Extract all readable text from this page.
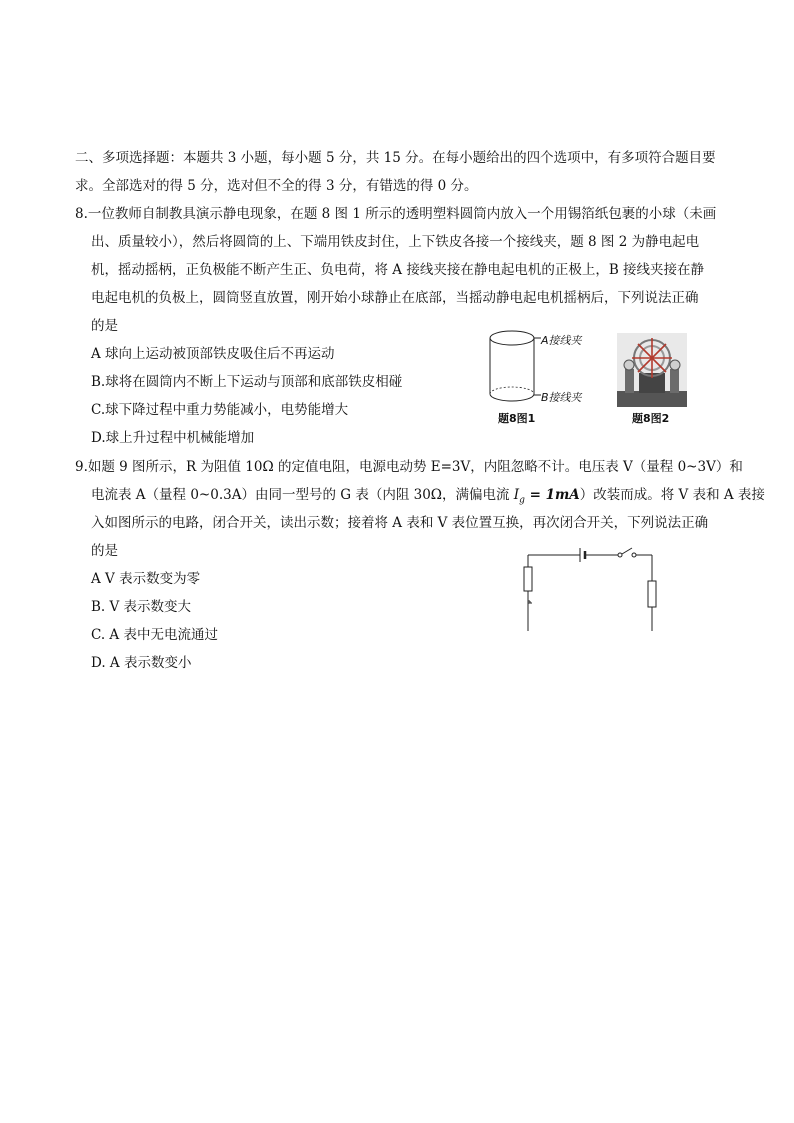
二、多项选择题：本题共 3 小题，每小题 5 分，共 15 分。在每小题给出的四个选项中，有多项符合题目要
求。全部选对的得 5 分，选对但不全的得 3 分，有错选的得 0 分。
8.一位教师自制教具演示静电现象，在题 8 图 1 所示的透明塑料圆筒内放入一个用锡箔纸包裹的小球（未画
出、质量较小），然后将圆筒的上、下端用铁皮封住，上下铁皮各接一个接线夹，题 8 图 2 为静电起电
机，摇动摇柄，正负极能不断产生正、负电荷，将 A 接线夹接在静电起电机的正极上，B 接线夹接在静
电起电机的负极上，圆筒竖直放置，刚开始小球静止在底部，当摇动静电起电机摇柄后，下列说法正确
的是
A 球向上运动被顶部铁皮吸住后不再运动
B.球将在圆筒内不断上下运动与顶部和底部铁皮相碰
C.球下降过程中重力势能减小，电势能增大
D.球上升过程中机械能增加
A接线夹
B接线夹
题8图1	题8图2
9.如题 9 图所示，R 为阻值 10Ω 的定值电阻，电源电动势 E=3V，内阻忽略不计。电压表 V（量程 0~3V）和
电流表 A（量程 0~0.3A）由同一型号的 G 表（内阻 30Ω，满偏电流 $I_g = 1mA$）改装而成。将 V 表和 A 表接
入如图所示的电路，闭合开关，读出示数；接着将 A 表和 V 表位置互换，再次闭合开关，下列说法正确
的是
A V 表示数变为零
B. V 表示数变大
C. A 表中无电流通过
D. A 表示数变小
